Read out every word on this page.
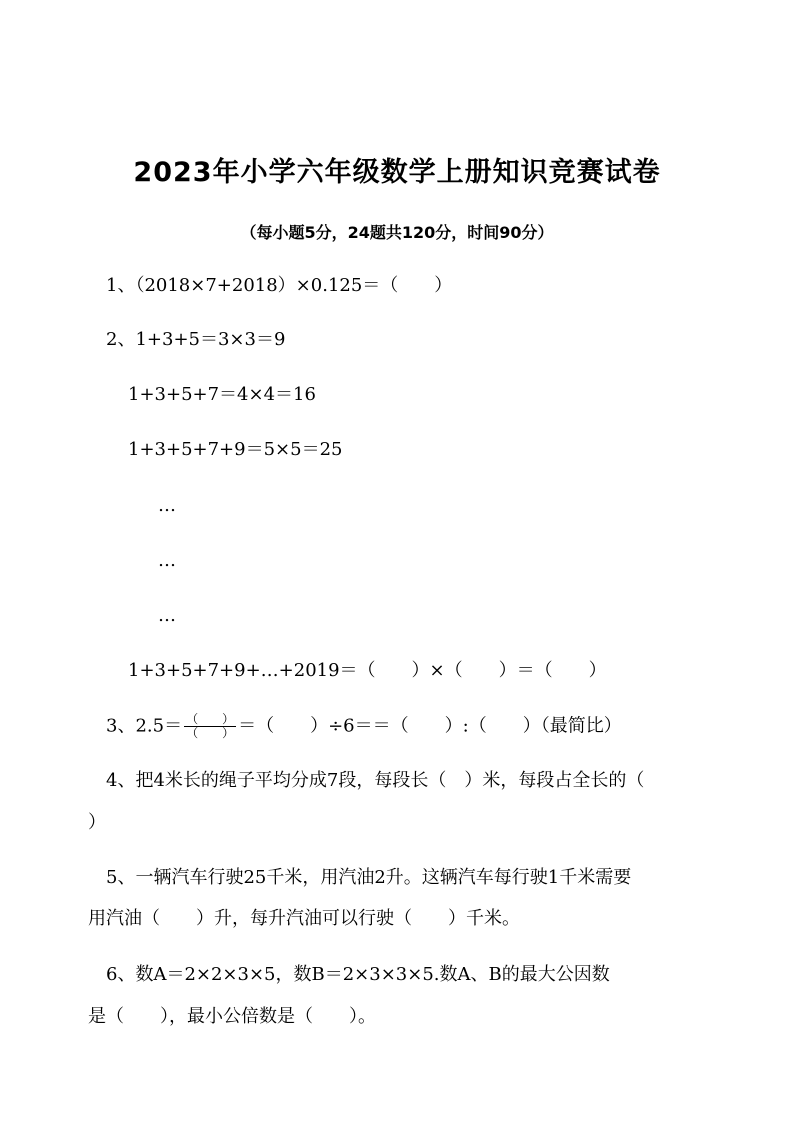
2023年小学六年级数学上册知识竞赛试卷
（每小题5分，24题共120分，时间90分）
1、（2018×7+2018）×0.125＝（　　）
2、1+3+5＝3×3＝9
1+3+5+7＝4×4＝16
1+3+5+7+9＝5×5＝25
…
…
…
1+3+5+7+9+…+2019＝（　　）×（　　）＝（　　）
3、$2.5= \frac{( )}{( )}$ ＝（　　）÷6＝＝（　　）:（　　）（最简比）
4、把4米长的绳子平均分成7段，每段长（　）米，每段占全长的（
）
5、一辆汽车行驶25千米，用汽油2升。这辆汽车每行驶1千米需要
用汽油（　　）升，每升汽油可以行驶（　　）千米。
6、数A＝2×2×3×5，数B＝2×3×3×5.数A、B的最大公因数
是（　　），最小公倍数是（　　）。
